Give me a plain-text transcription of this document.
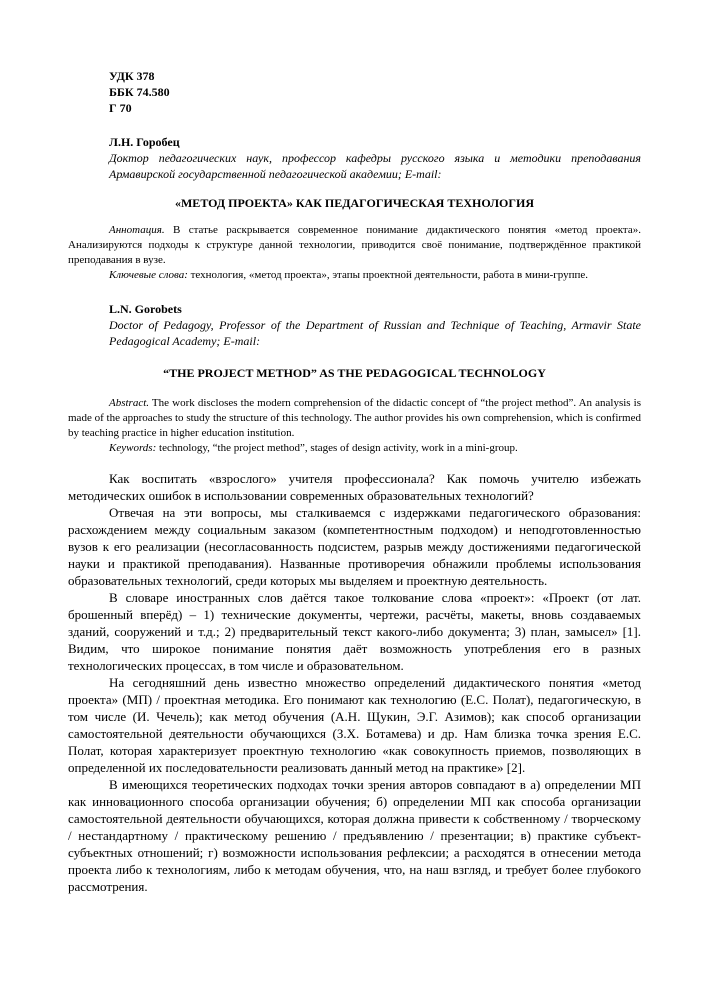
УДК 378
ББК 74.580
Г 70
Л.Н. Горобец
Доктор педагогических наук, профессор кафедры русского языка и методики преподавания Армавирской государственной педагогической академии; E-mail:
«МЕТОД ПРОЕКТА» КАК ПЕДАГОГИЧЕСКАЯ ТЕХНОЛОГИЯ

Аннотация. В статье раскрывается современное понимание дидактического понятия «метод проекта». Анализируются подходы к структуре данной технологии, приводится своё понимание, подтверждённое практикой преподавания в вузе.

Ключевые слова: технология, «метод проекта», этапы проектной деятельности, работа в мини-группе.

L.N. Gorobets
Doctor of Pedagogy, Professor of the Department of Russian and Technique of Teaching, Armavir State Pedagogical Academy; E-mail:
“THE PROJECT METHOD” AS THE PEDAGOGICAL TECHNOLOGY

Abstract. The work discloses the modern comprehension of the didactic concept of “the project method”. An analysis is made of the approaches to study the structure of this technology. The author provides his own comprehension, which is confirmed by teaching practice in higher education institution.

Keywords: technology, “the project method”, stages of design activity, work in a mini-group.

Как воспитать «взрослого» учителя профессионала? Как помочь учителю избежать методических ошибок в использовании современных образовательных технологий?

Отвечая на эти вопросы, мы сталкиваемся с издержками педагогического образования: расхождением между социальным заказом (компетентностным подходом) и неподготовленностью вузов к его реализации (несогласованность подсистем, разрыв между достижениями педагогической науки и практикой преподавания). Названные противоречия обнажили проблемы использования образовательных технологий, среди которых мы выделяем и проектную деятельность.

В словаре иностранных слов даётся такое толкование слова «проект»: «Проект (от лат. брошенный вперёд) – 1) технические документы, чертежи, расчёты, макеты, вновь создаваемых зданий, сооружений и т.д.; 2) предварительный текст какого-либо документа; 3) план, замысел» [1]. Видим, что широкое понимание понятия даёт возможность употребления его в разных технологических процессах, в том числе и образовательном.

На сегодняшний день известно множество определений дидактического понятия «метод проекта» (МП) / проектная методика. Его понимают как технологию (Е.С. Полат), педагогическую, в том числе (И. Чечель); как метод обучения (А.Н. Щукин, Э.Г. Азимов); как способ организации самостоятельной деятельности обучающихся (З.Х. Ботамева) и др. Нам близка точка зрения Е.С. Полат, которая характеризует проектную технологию «как совокупность приемов, позволяющих в определенной их последовательности реализовать данный метод на практике» [2].

В имеющихся теоретических подходах точки зрения авторов совпадают в а) определении МП как инновационного способа организации обучения; б) определении МП как способа организации самостоятельной деятельности обучающихся, которая должна привести к собственному / творческому / нестандартному / практическому решению / предъявлению / презентации; в) практике субъект-субъектных отношений; г) возможности использования рефлексии; а расходятся в отнесении метода проекта либо к технологиям, либо к методам обучения, что, на наш взгляд, и требует более глубокого рассмотрения.
